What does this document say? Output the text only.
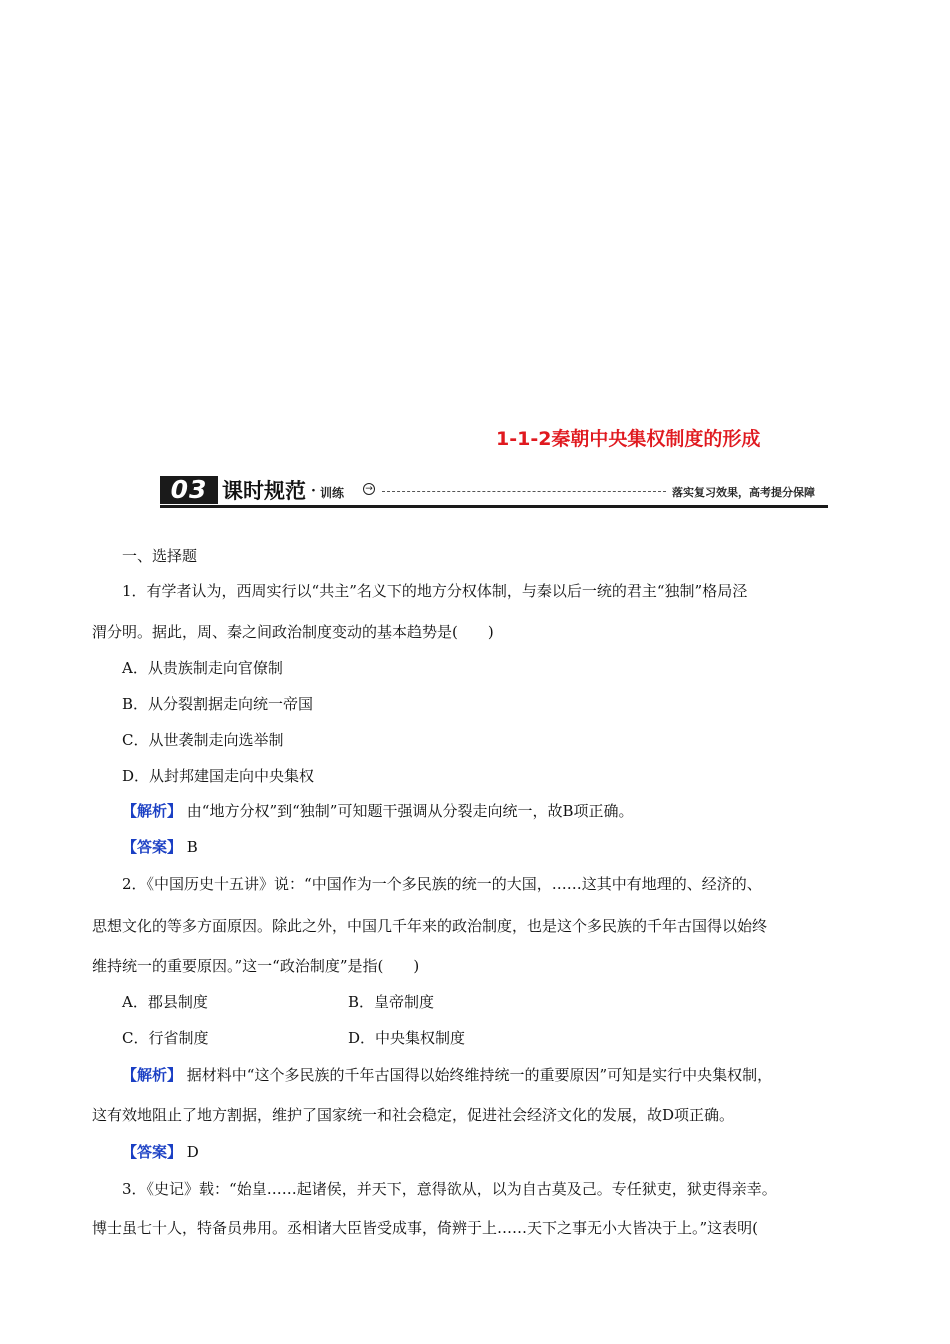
1-1-2秦朝中央集权制度的形成
03 课时规范 · 训练 →	落实复习效果，高考提分保障
一、选择题
1．有学者认为，西周实行以“共主”名义下的地方分权体制，与秦以后一统的君主“独制”格局泾
渭分明。据此，周、秦之间政治制度变动的基本趋势是(　　)
A．从贵族制走向官僚制
B．从分裂割据走向统一帝国
C．从世袭制走向选举制
D．从封邦建国走向中央集权
【解析】 由“地方分权”到“独制”可知题干强调从分裂走向统一，故B项正确。
【答案】 B
2．《中国历史十五讲》说：“中国作为一个多民族的统一的大国，……这其中有地理的、经济的、
思想文化的等多方面原因。除此之外，中国几千年来的政治制度，也是这个多民族的千年古国得以始终
维持统一的重要原因。”这一“政治制度”是指(　　)
A．郡县制度	B．皇帝制度
C．行省制度	D．中央集权制度
【解析】 据材料中“这个多民族的千年古国得以始终维持统一的重要原因”可知是实行中央集权制，
这有效地阻止了地方割据，维护了国家统一和社会稳定，促进社会经济文化的发展，故D项正确。
【答案】 D
3．《史记》载：“始皇……起诸侯，并天下，意得欲从，以为自古莫及己。专任狱吏，狱吏得亲幸。
博士虽七十人，特备员弗用。丞相诸大臣皆受成事，倚辨于上……天下之事无小大皆决于上。”这表明(
